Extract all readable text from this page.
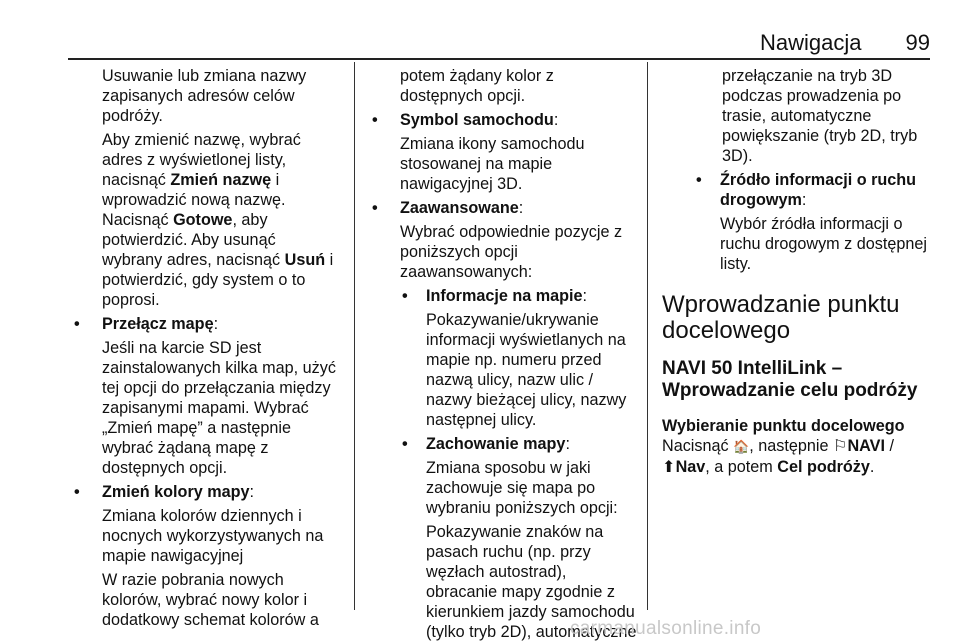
Nawigacja 99

Usuwanie lub zmiana nazwy

zapisanych adresów celów

podróży.

Aby zmienić nazwę, wybrać

adres z wyświetlonej listy,

nacisnąć Zmień nazwę i

wprowadzić nową nazwę.

Nacisnąć Gotowe, aby

potwierdzić. Aby usunąć

wybrany adres, nacisnąć Usuń i

potwierdzić, gdy system o to

poprosi.

• Przełącz mapę:

Jeśli na karcie SD jest

zainstalowanych kilka map, użyć

tej opcji do przełączania między

zapisanymi mapami. Wybrać

„Zmień mapę” a następnie

wybrać żądaną mapę z

dostępnych opcji.

• Zmień kolory mapy:

Zmiana kolorów dziennych i

nocnych wykorzystywanych na

mapie nawigacyjnej

W razie pobrania nowych

kolorów, wybrać nowy kolor i

dodatkowy schemat kolorów a

potem żądany kolor z

dostępnych opcji.

• Symbol samochodu:

Zmiana ikony samochodu

stosowanej na mapie

nawigacyjnej 3D.

• Zaawansowane:

Wybrać odpowiednie pozycje z

poniższych opcji

zaawansowanych:

• Informacje na mapie:

Pokazywanie/ukrywanie

informacji wyświetlanych na

mapie np. numeru przed

nazwą ulicy, nazw ulic /

nazwy bieżącej ulicy, nazwy

następnej ulicy.

• Zachowanie mapy:

Zmiana sposobu w jaki

zachowuje się mapa po

wybraniu poniższych opcji:

Pokazywanie znaków na

pasach ruchu (np. przy

węzłach autostrad),

obracanie mapy zgodnie z

kierunkiem jazdy samochodu

(tylko tryb 2D), automatyczne

przełączanie na tryb 3D

podczas prowadzenia po

trasie, automatyczne

powiększanie (tryb 2D, tryb

3D).

• Źródło informacji o ruchu

drogowym:

Wybór źródła informacji o

ruchu drogowym z dostępnej

listy.

Wprowadzanie punktu

docelowego

NAVI 50 IntelliLink –

Wprowadzanie celu podróży

Wybieranie punktu docelowego

Nacisnąć 🏠, następnie ⚐NAVI /

⬆Nav, a potem Cel podróży.

carmanualsonline.info
